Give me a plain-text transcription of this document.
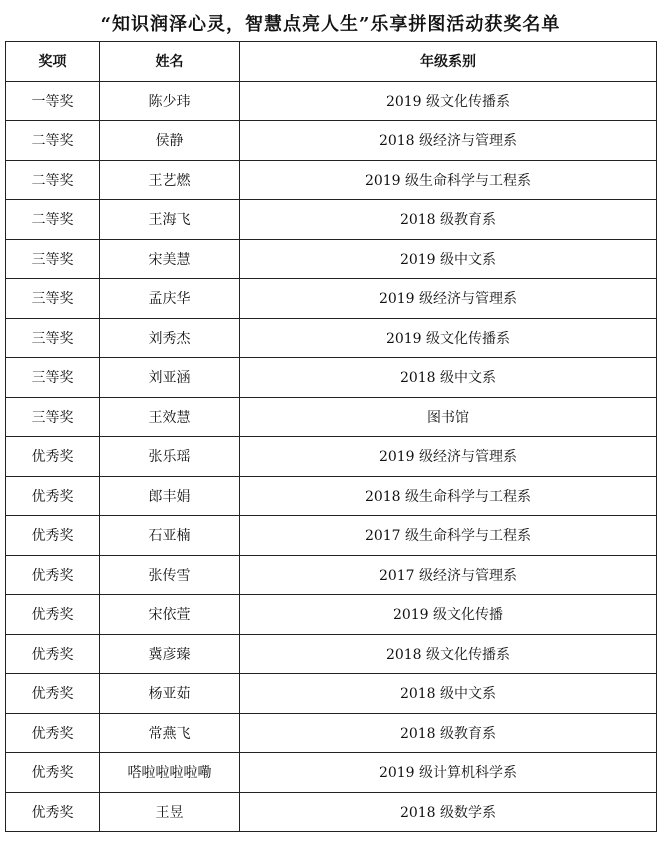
“知识润泽心灵，智慧点亮人生”乐享拼图活动获奖名单
奖项	姓名	年级系别
一等奖	陈少玮	2019 级文化传播系
二等奖	侯静	2018 级经济与管理系
二等奖	王艺燃	2019 级生命科学与工程系
二等奖	王海飞	2018 级教育系
三等奖	宋美慧	2019 级中文系
三等奖	孟庆华	2019 级经济与管理系
三等奖	刘秀杰	2019 级文化传播系
三等奖	刘亚涵	2018 级中文系
三等奖	王效慧	图书馆
优秀奖	张乐瑶	2019 级经济与管理系
优秀奖	郎丰娟	2018 级生命科学与工程系
优秀奖	石亚楠	2017 级生命科学与工程系
优秀奖	张传雪	2017 级经济与管理系
优秀奖	宋依萱	2019 级文化传播
优秀奖	冀彦臻	2018 级文化传播系
优秀奖	杨亚茹	2018 级中文系
优秀奖	常燕飞	2018 级教育系
优秀奖	嗒啦啦啦啦嘞	2019 级计算机科学系
优秀奖	王昱	2018 级数学系
